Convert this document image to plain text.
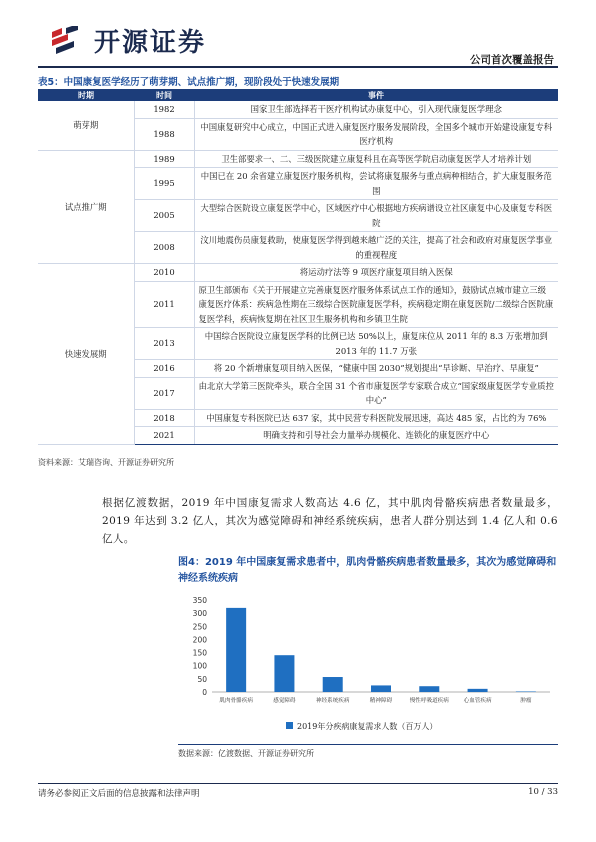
开源证券
公司首次覆盖报告
表5：中国康复医学经历了萌芽期、试点推广期，现阶段处于快速发展期
时期	时间	事件
萌芽期	1982	国家卫生部选择若干医疗机构试办康复中心，引入现代康复医学理念
	1988	中国康复研究中心成立，中国正式进入康复医疗服务发展阶段，全国多个城市开始建设康复专科医疗机构
试点推广期	1989	卫生部要求一、二、三级医院建立康复科且在高等医学院启动康复医学人才培养计划
	1995	中国已在 20 余省建立康复医疗服务机构，尝试将康复服务与重点病种相结合，扩大康复服务范围
	2005	大型综合医院设立康复医学中心，区域医疗中心根据地方疾病谱设立社区康复中心及康复专科医院
	2008	汶川地震伤员康复救助，使康复医学得到越来越广泛的关注，提高了社会和政府对康复医学事业的重视程度
快速发展期	2010	将运动疗法等 9 项医疗康复项目纳入医保
	2011	原卫生部颁布《关于开展建立完善康复医疗服务体系试点工作的通知》，鼓励试点城市建立三级康复医疗体系：疾病急性期在三级综合医院康复医学科，疾病稳定期在康复医院/二级综合医院康复医学科，疾病恢复期在社区卫生服务机构和乡镇卫生院
	2013	中国综合医院设立康复医学科的比例已达 50%以上，康复床位从 2011 年的 8.3 万张增加到 2013 年的 11.7 万张
	2016	将 20 个新增康复项目纳入医保，“健康中国 2030”规划提出“早诊断、早治疗、早康复”
	2017	由北京大学第三医院牵头，联合全国 31 个省市康复医学专家联合成立“国家级康复医学专业质控中心”
	2018	中国康复专科医院已达 637 家，其中民营专科医院发展迅速，高达 485 家，占比约为 76%
	2021	明确支持和引导社会力量举办规模化、连锁化的康复医疗中心
资料来源：艾瑞咨询、开源证券研究所

根据亿渡数据，2019 年中国康复需求人数高达 4.6 亿，其中肌肉骨骼疾病患者数量最多，2019 年达到 3.2 亿人，其次为感觉障碍和神经系统疾病，患者人群分别达到 1.4 亿人和 0.6 亿人。

图4：2019 年中国康复需求患者中，肌肉骨骼疾病患者数量最多，其次为感觉障碍和神经系统疾病
0
50
100
150
200
250
300
350
肌肉骨骼疾病	感觉障碍	神经系统疾病	精神障碍	慢性呼吸道疾病	心血管疾病	肿瘤
2019年分疾病康复需求人数（百万人）
数据来源：亿渡数据、开源证券研究所
请务必参阅正文后面的信息披露和法律声明	10 / 33
